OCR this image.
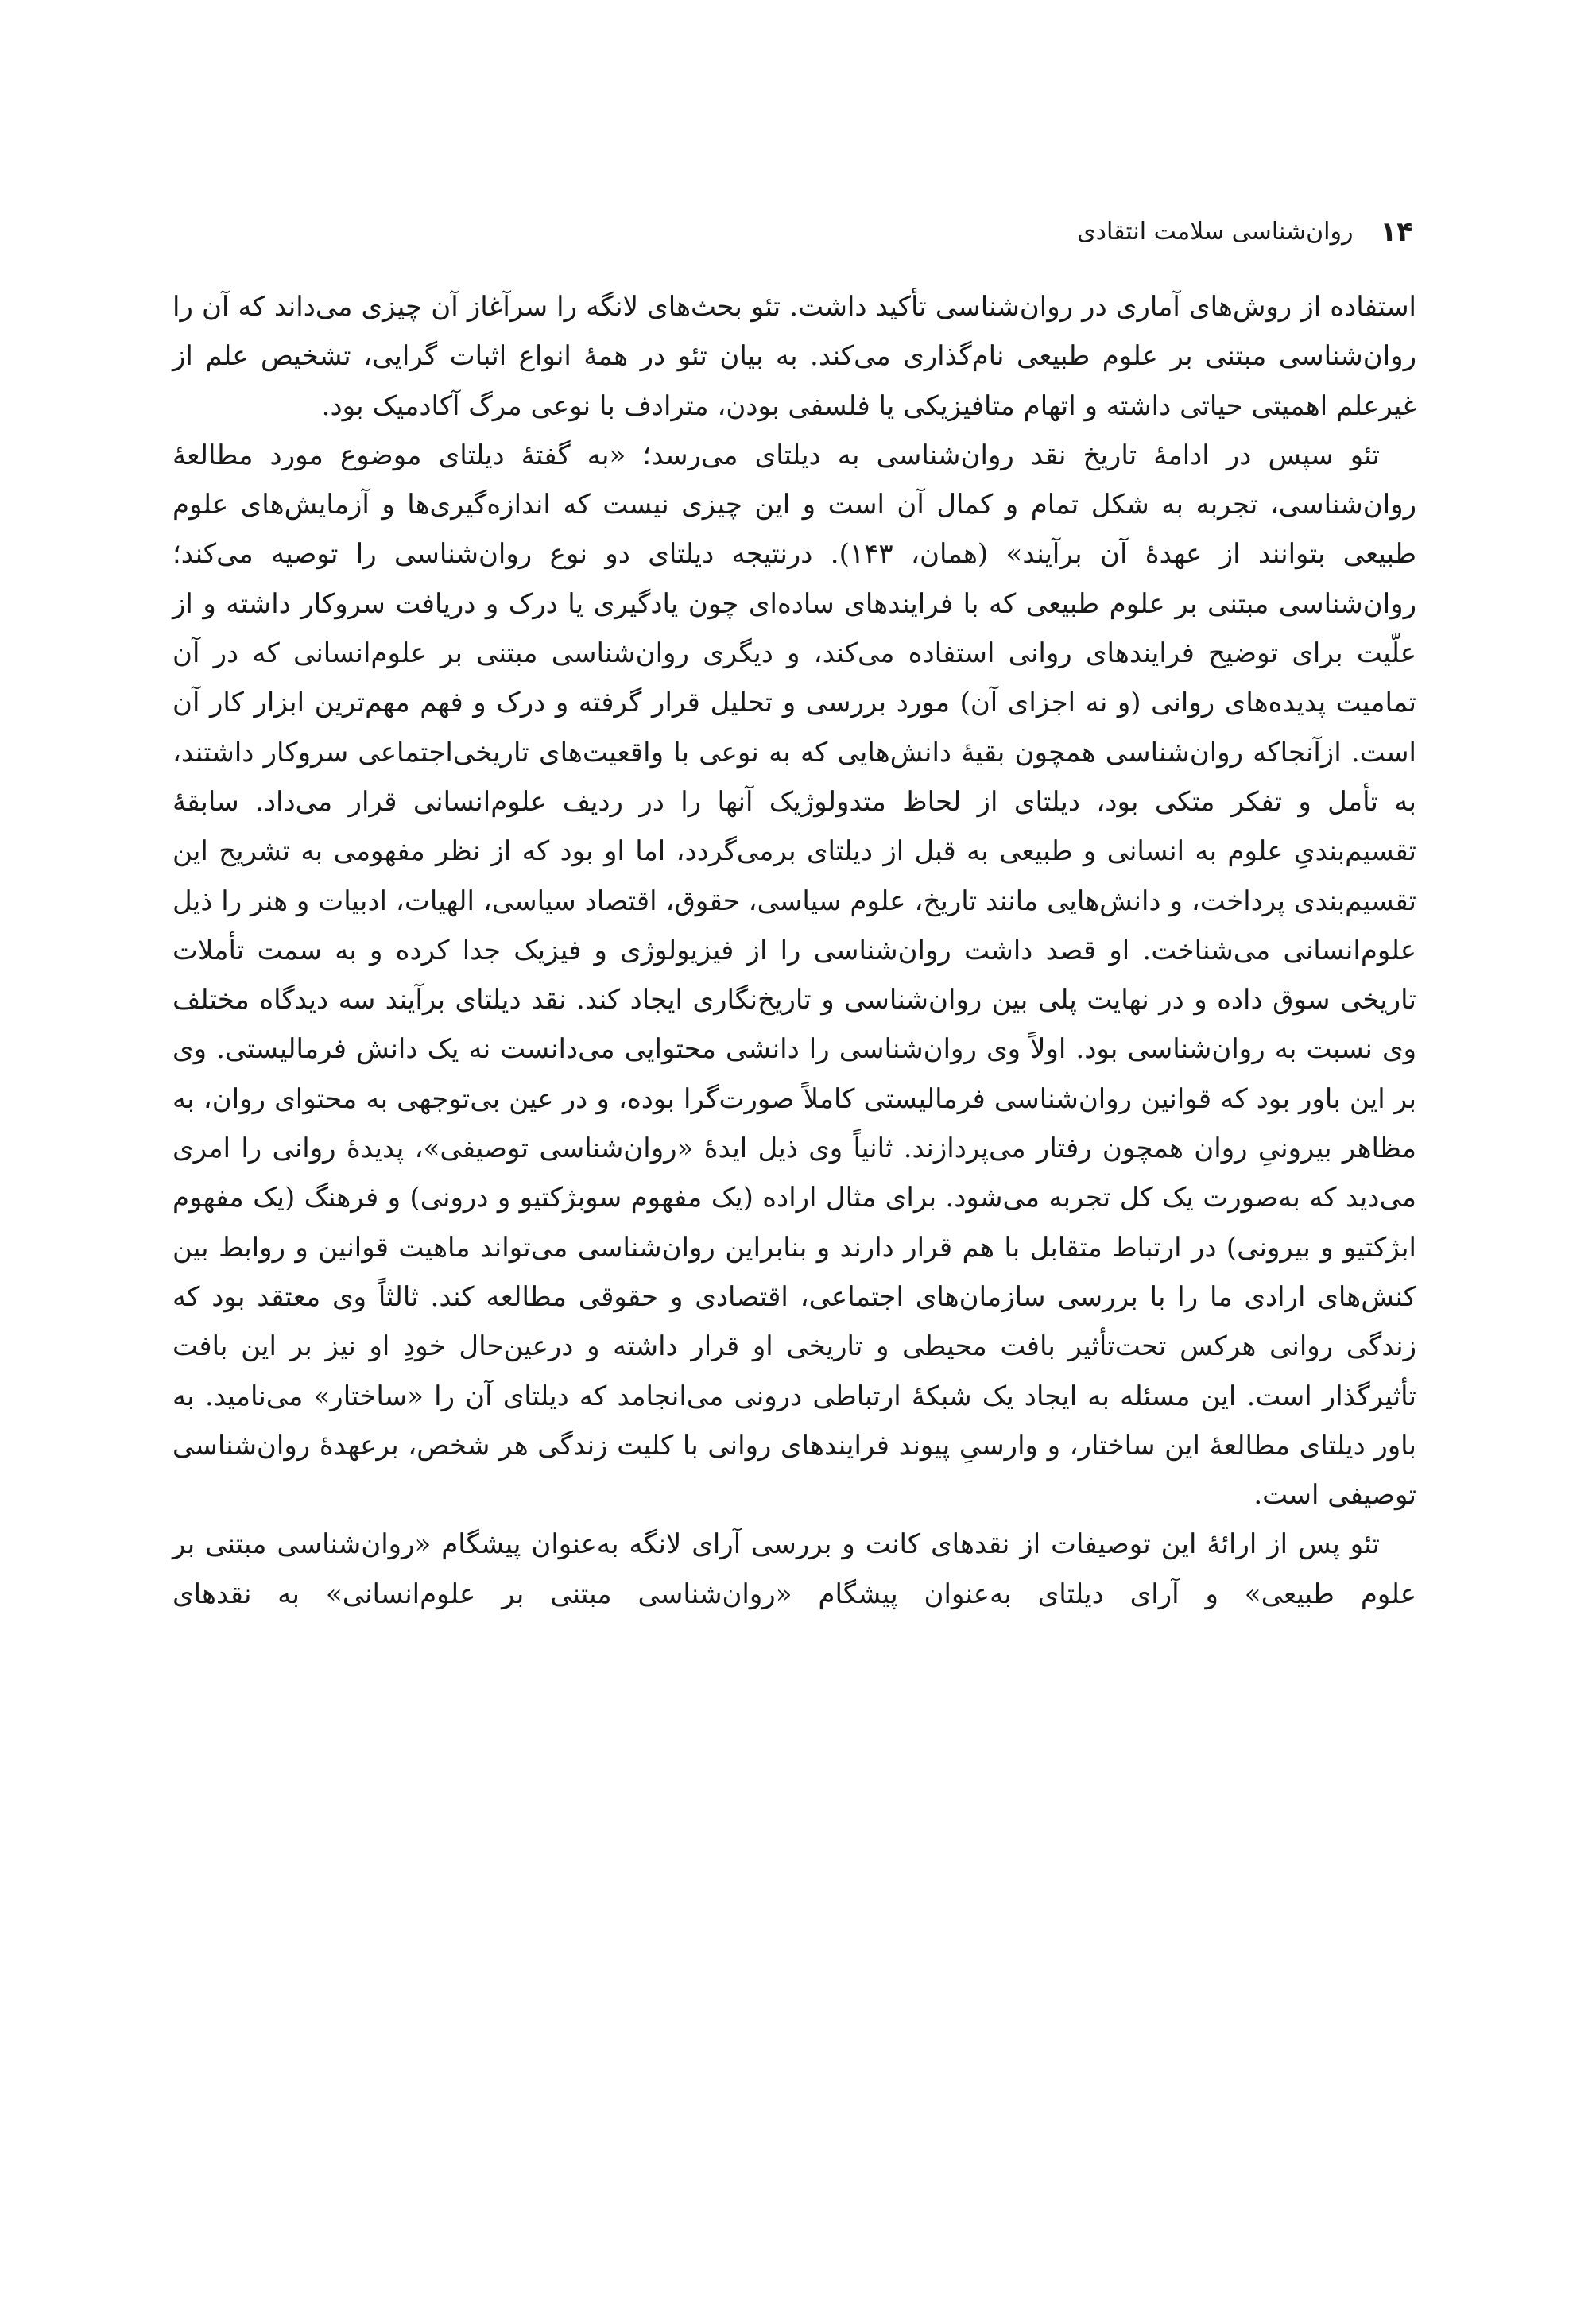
۱۴
روان‌شناسی سلامت انتقادی

استفاده از روش‌های آماری در روان‌شناسی تأکید داشت. تئو بحث‌های لانگه را سرآغاز آن چیزی می‌داند که آن را روان‌شناسی مبتنی بر علوم طبیعی نام‌گذاری می‌کند. به بیان تئو در همهٔ انواع اثبات گرایی، تشخیص علم از غیرعلم اهمیتی حیاتی داشته و اتهام متافیزیکی یا فلسفی بودن، مترادف با نوعی مرگ آکادمیک بود.

تئو سپس در ادامهٔ تاریخ نقد روان‌شناسی به دیلتای می‌رسد؛ «به گفتهٔ دیلتای موضوع مورد مطالعهٔ روان‌شناسی، تجربه به شکل تمام و کمال آن است و این چیزی نیست که اندازه‌گیری‌ها و آزمایش‌های علوم طبیعی بتوانند از عهدهٔ آن برآیند» (همان، ۱۴۳). درنتیجه دیلتای دو نوع روان‌شناسی را توصیه می‌کند؛ روان‌شناسی مبتنی بر علوم طبیعی که با فرایندهای ساده‌ای چون یادگیری یا درک و دریافت سروکار داشته و از علّیت برای توضیح فرایندهای روانی استفاده می‌کند، و دیگری روان‌شناسی مبتنی بر علوم‌انسانی که در آن تمامیت پدیده‌های روانی (و نه اجزای آن) مورد بررسی و تحلیل قرار گرفته و درک و فهم مهم‌ترین ابزار کار آن است. ازآنجاکه روان‌شناسی همچون بقیهٔ دانش‌هایی که به نوعی با واقعیت‌های تاریخی‌اجتماعی سروکار داشتند، به تأمل و تفکر متکی بود، دیلتای از لحاظ متدولوژیک آنها را در ردیف علوم‌انسانی قرار می‌داد. سابقهٔ تقسیم‌بندیِ علوم به انسانی و طبیعی به قبل از دیلتای برمی‌گردد، اما او بود که از نظر مفهومی به تشریح این تقسیم‌بندی پرداخت، و دانش‌هایی مانند تاریخ، علوم سیاسی، حقوق، اقتصاد سیاسی، الهیات، ادبیات و هنر را ذیل علوم‌انسانی می‌شناخت. او قصد داشت روان‌شناسی را از فیزیولوژی و فیزیک جدا کرده و به سمت تأملات تاریخی سوق داده و در نهایت پلی بین روان‌شناسی و تاریخ‌نگاری ایجاد کند. نقد دیلتای برآیند سه دیدگاه مختلف وی نسبت به روان‌شناسی بود. اولاً وی روان‌شناسی را دانشی محتوایی می‌دانست نه یک دانش فرمالیستی. وی بر این باور بود که قوانین روان‌شناسی فرمالیستی کاملاً صورت‌گرا بوده، و در عین بی‌توجهی به محتوای روان، به مظاهر بیرونیِ روان همچون رفتار می‌پردازند. ثانیاً وی ذیل ایدهٔ «روان‌شناسی توصیفی»، پدیدهٔ روانی را امری می‌دید که به‌صورت یک کل تجربه می‌شود. برای مثال اراده (یک مفهوم سوبژکتیو و درونی) و فرهنگ (یک مفهوم ابژکتیو و بیرونی) در ارتباط متقابل با هم قرار دارند و بنابراین روان‌شناسی می‌تواند ماهیت قوانین و روابط بین کنش‌های ارادی ما را با بررسی سازمان‌های اجتماعی، اقتصادی و حقوقی مطالعه کند. ثالثاً وی معتقد بود که زندگی روانی هرکس تحت‌تأثیر بافت محیطی و تاریخی او قرار داشته و درعین‌حال خودِ او نیز بر این بافت تأثیرگذار است. این مسئله به ایجاد یک شبکهٔ ارتباطی درونی می‌انجامد که دیلتای آن را «ساختار» می‌نامید. به باور دیلتای مطالعهٔ این ساختار، و وارسیِ پیوند فرایندهای روانی با کلیت زندگی هر شخص، برعهدهٔ روان‌شناسی توصیفی است.

تئو پس از ارائهٔ این توصیفات از نقدهای کانت و بررسی آرای لانگه به‌عنوان پیشگام «روان‌شناسی مبتنی بر علوم طبیعی» و آرای دیلتای به‌عنوان پیشگام «روان‌شناسی مبتنی بر علوم‌انسانی» به نقدهای
